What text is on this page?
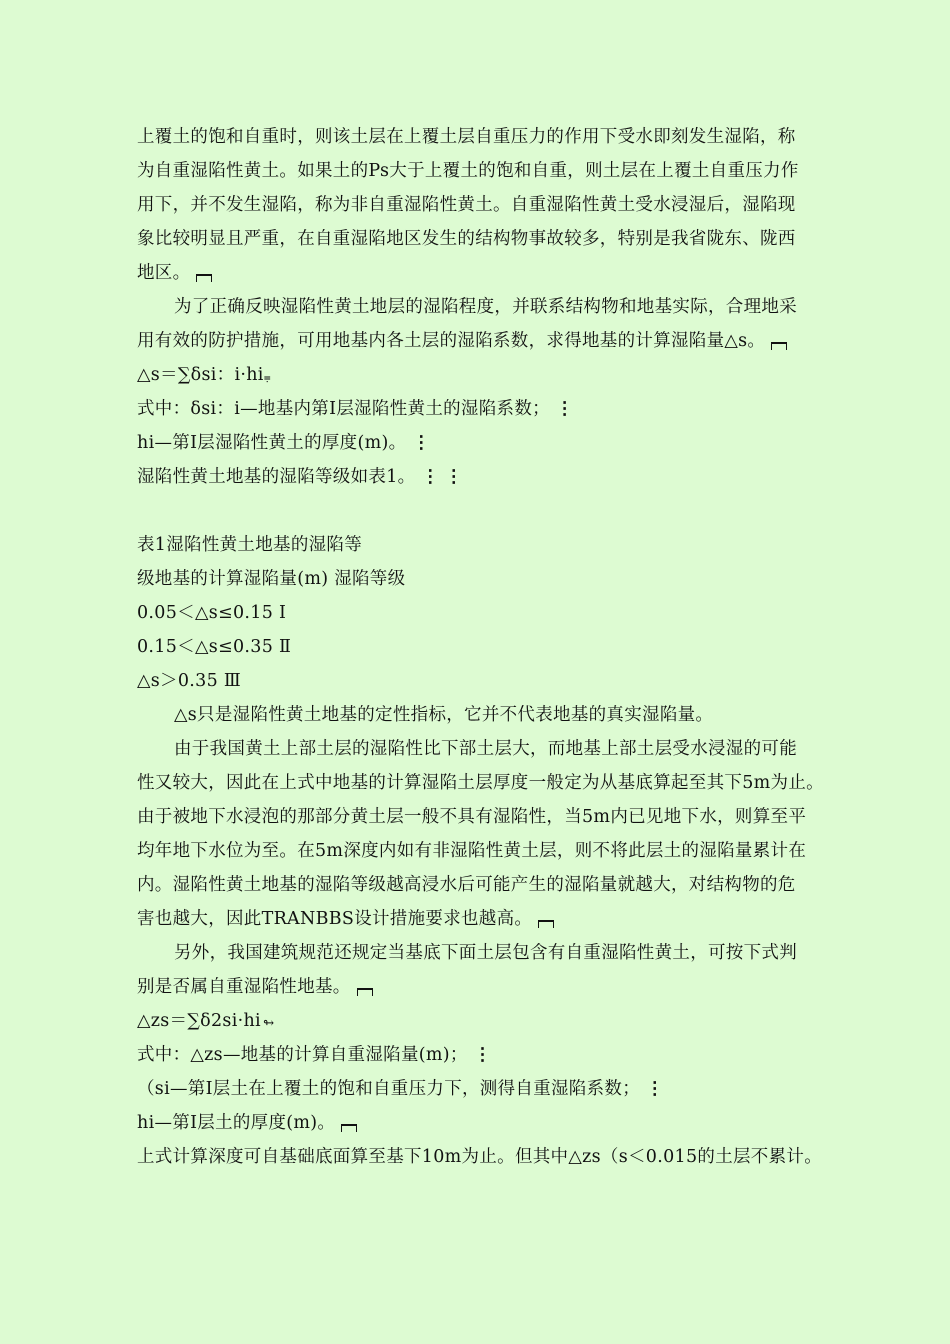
上覆土的饱和自重时，则该土层在上覆土层自重压力的作用下受水即刻发生湿陷，称
为自重湿陷性黄土。如果土的Ps大于上覆土的饱和自重，则土层在上覆土自重压力作
用下，并不发生湿陷，称为非自重湿陷性黄土。自重湿陷性黄土受水浸湿后，湿陷现
象比较明显且严重，在自重湿陷地区发生的结构物事故较多，特别是我省陇东、陇西
地区。
为了正确反映湿陷性黄土地层的湿陷程度，并联系结构物和地基实际，合理地采
用有效的防护措施，可用地基内各土层的湿陷系数，求得地基的计算湿陷量△s。
△s＝∑δsi：i·hi⩦
式中：δsi：i—地基内第Ⅰ层湿陷性黄土的湿陷系数； ⋮
hi—第Ⅰ层湿陷性黄土的厚度(m)。 ⋮
湿陷性黄土地基的湿陷等级如表1。 ⋮⋮
表1湿陷性黄土地基的湿陷等
级地基的计算湿陷量(m) 湿陷等级
0.05＜△s≤0.15 Ⅰ
0.15＜△s≤0.35 Ⅱ
△s＞0.35 Ⅲ
△s只是湿陷性黄土地基的定性指标，它并不代表地基的真实湿陷量。
由于我国黄土上部土层的湿陷性比下部土层大，而地基上部土层受水浸湿的可能
性又较大，因此在上式中地基的计算湿陷土层厚度一般定为从基底算起至其下5m为止。
由于被地下水浸泡的那部分黄土层一般不具有湿陷性，当5m内已见地下水，则算至平
均年地下水位为至。在5m深度内如有非湿陷性黄土层，则不将此层土的湿陷量累计在
内。湿陷性黄土地基的湿陷等级越高浸水后可能产生的湿陷量就越大，对结构物的危
害也越大，因此TRANBBS设计措施要求也越高。
另外，我国建筑规范还规定当基底下面土层包含有自重湿陷性黄土，可按下式判
别是否属自重湿陷性地基。
△zs＝∑δ2si·hi ↬
式中：△zs—地基的计算自重湿陷量(m)； ⋮
（si—第Ⅰ层土在上覆土的饱和自重压力下，测得自重湿陷系数； ⋮
hi—第Ⅰ层土的厚度(m)。
上式计算深度可自基础底面算至基下10m为止。但其中△zs（s＜0.015的土层不累计。
